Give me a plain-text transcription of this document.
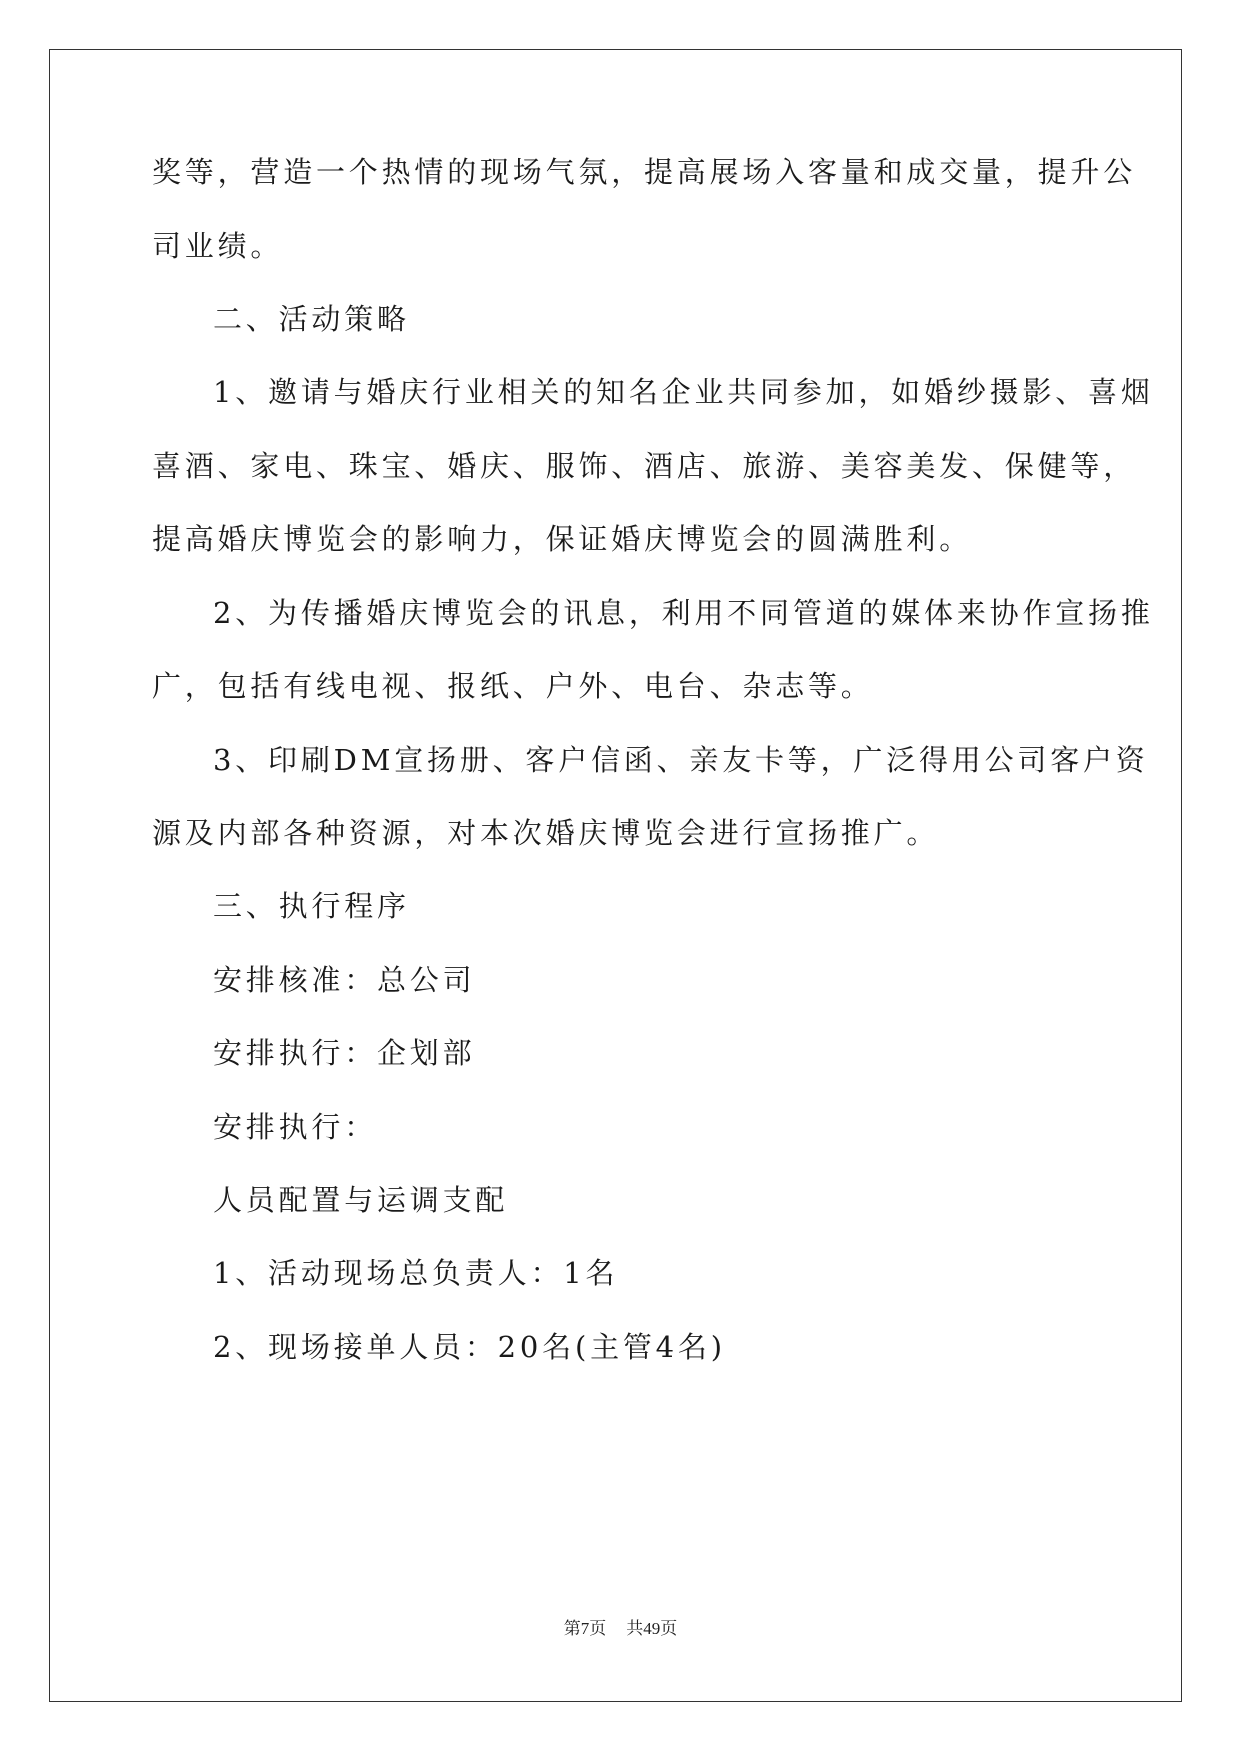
奖等，营造一个热情的现场气氛，提高展场入客量和成交量，提升公
司业绩。
二、活动策略
1、邀请与婚庆行业相关的知名企业共同参加，如婚纱摄影、喜烟
喜酒、家电、珠宝、婚庆、服饰、酒店、旅游、美容美发、保健等，
提高婚庆博览会的影响力，保证婚庆博览会的圆满胜利。
2、为传播婚庆博览会的讯息，利用不同管道的媒体来协作宣扬推
广，包括有线电视、报纸、户外、电台、杂志等。
3、印刷DM宣扬册、客户信函、亲友卡等，广泛得用公司客户资
源及内部各种资源，对本次婚庆博览会进行宣扬推广。
三、执行程序
安排核准：总公司
安排执行：企划部
安排执行：
人员配置与运调支配
1、活动现场总负责人：1名
2、现场接单人员：20名(主管4名)
第7页 共49页
